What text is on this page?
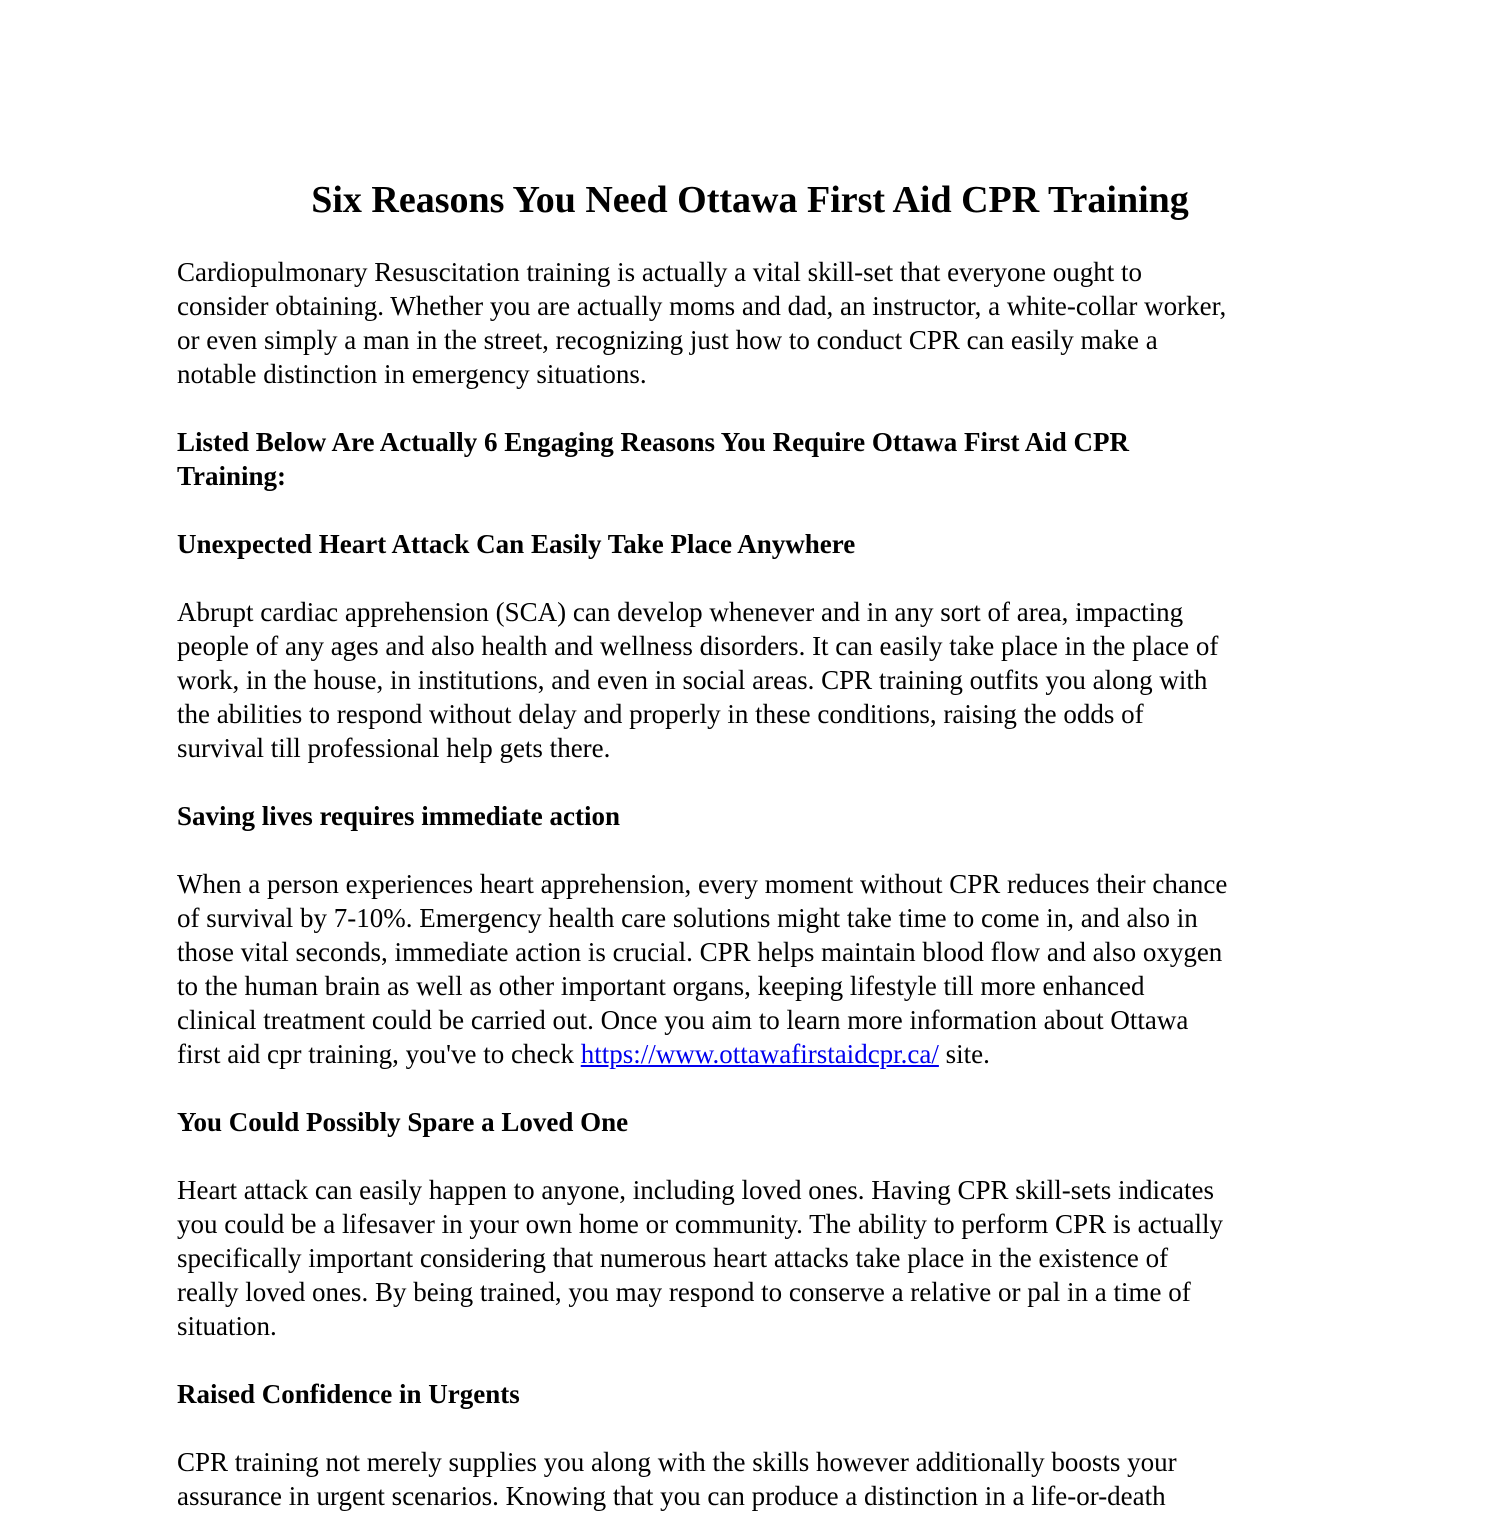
Six Reasons You Need Ottawa First Aid CPR Training
Cardiopulmonary Resuscitation training is actually a vital skill-set that everyone ought to
consider obtaining. Whether you are actually moms and dad, an instructor, a white-collar worker,
or even simply a man in the street, recognizing just how to conduct CPR can easily make a
notable distinction in emergency situations.
Listed Below Are Actually 6 Engaging Reasons You Require Ottawa First Aid CPR
Training:
Unexpected Heart Attack Can Easily Take Place Anywhere
Abrupt cardiac apprehension (SCA) can develop whenever and in any sort of area, impacting
people of any ages and also health and wellness disorders. It can easily take place in the place of
work, in the house, in institutions, and even in social areas. CPR training outfits you along with
the abilities to respond without delay and properly in these conditions, raising the odds of
survival till professional help gets there.
Saving lives requires immediate action
When a person experiences heart apprehension, every moment without CPR reduces their chance
of survival by 7-10%. Emergency health care solutions might take time to come in, and also in
those vital seconds, immediate action is crucial. CPR helps maintain blood flow and also oxygen
to the human brain as well as other important organs, keeping lifestyle till more enhanced
clinical treatment could be carried out. Once you aim to learn more information about Ottawa
first aid cpr training, you've to check https://www.ottawafirstaidcpr.ca/ site.
You Could Possibly Spare a Loved One
Heart attack can easily happen to anyone, including loved ones. Having CPR skill-sets indicates
you could be a lifesaver in your own home or community. The ability to perform CPR is actually
specifically important considering that numerous heart attacks take place in the existence of
really loved ones. By being trained, you may respond to conserve a relative or pal in a time of
situation.
Raised Confidence in Urgents
CPR training not merely supplies you along with the skills however additionally boosts your
assurance in urgent scenarios. Knowing that you can produce a distinction in a life-or-death
